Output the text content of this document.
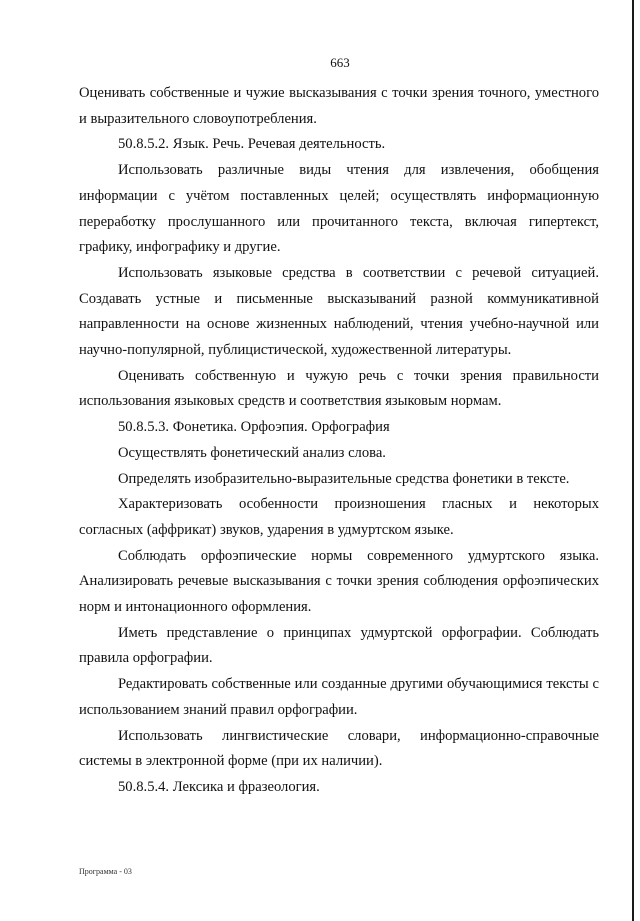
663

Оценивать собственные и чужие высказывания с точки зрения точного, уместного и выразительного словоупотребления.

50.8.5.2. Язык. Речь. Речевая деятельность.

Использовать различные виды чтения для извлечения, обобщения информации с учётом поставленных целей; осуществлять информационную переработку прослушанного или прочитанного текста, включая гипертекст, графику, инфографику и другие.

Использовать языковые средства в соответствии с речевой ситуацией. Создавать устные и письменные высказываний разной коммуникативной направленности на основе жизненных наблюдений, чтения учебно-научной или научно-популярной, публицистической, художественной литературы.

Оценивать собственную и чужую речь с точки зрения правильности использования языковых средств и соответствия языковым нормам.

50.8.5.3. Фонетика. Орфоэпия. Орфография

Осуществлять фонетический анализ слова.

Определять изобразительно-выразительные средства фонетики в тексте.

Характеризовать особенности произношения гласных и некоторых согласных (аффрикат) звуков, ударения в удмуртском языке.

Соблюдать орфоэпические нормы современного удмуртского языка. Анализировать речевые высказывания с точки зрения соблюдения орфоэпических норм и интонационного оформления.

Иметь представление о принципах удмуртской орфографии. Соблюдать правила орфографии.

Редактировать собственные или созданные другими обучающимися тексты с использованием знаний правил орфографии.

Использовать лингвистические словари, информационно-справочные системы в электронной форме (при их наличии).

50.8.5.4. Лексика и фразеология.

Программа - 03
